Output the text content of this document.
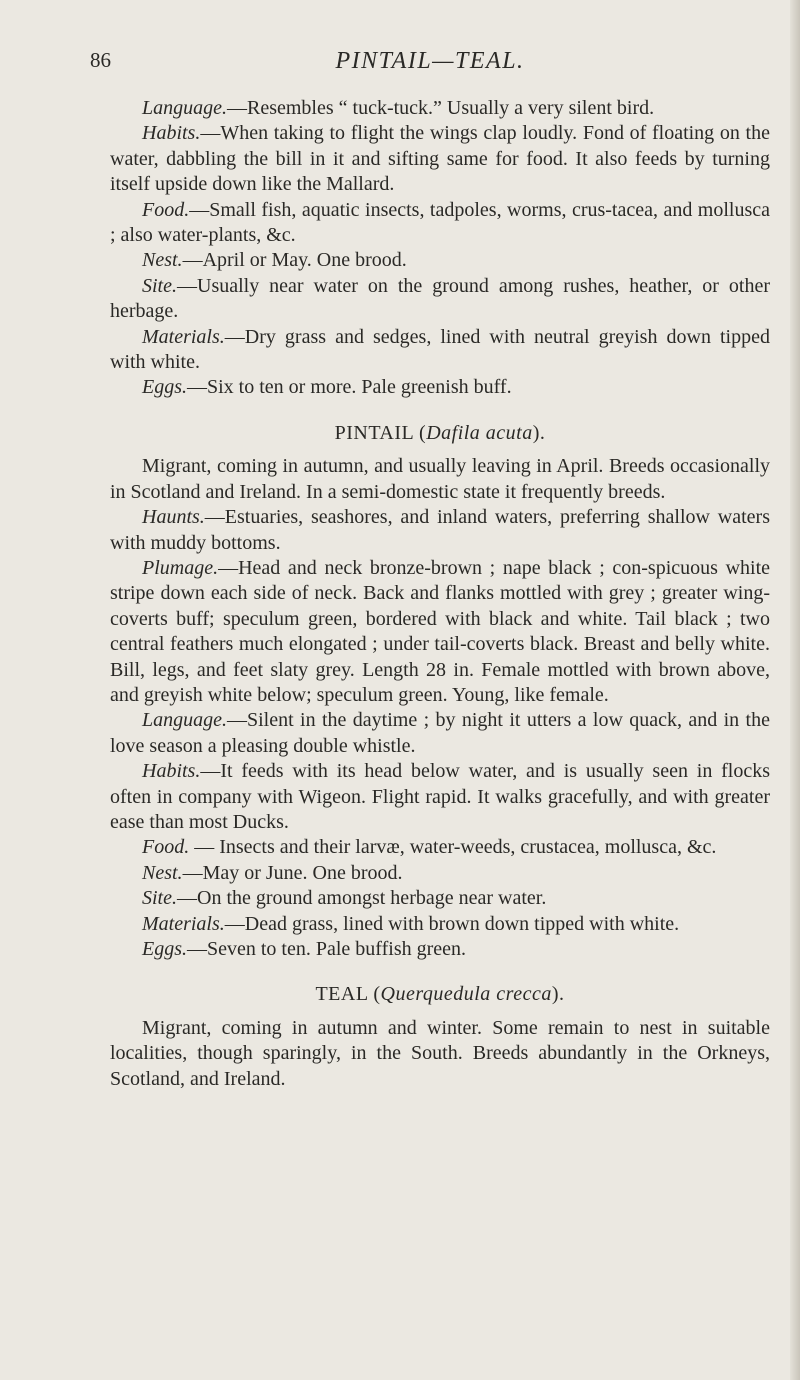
86	PINTAIL—TEAL.

Language.—Resembles “ tuck-tuck.” Usually a very silent bird.

Habits.—When taking to flight the wings clap loudly. Fond of floating on the water, dabbling the bill in it and sifting same for food. It also feeds by turning itself upside down like the Mallard.

Food.—Small fish, aquatic insects, tadpoles, worms, crus-tacea, and mollusca ; also water-plants, &c.

Nest.—April or May. One brood.

Site.—Usually near water on the ground among rushes, heather, or other herbage.

Materials.—Dry grass and sedges, lined with neutral greyish down tipped with white.

Eggs.—Six to ten or more. Pale greenish buff.

PINTAIL (Dafila acuta).

Migrant, coming in autumn, and usually leaving in April. Breeds occasionally in Scotland and Ireland. In a semi-domestic state it frequently breeds.

Haunts.—Estuaries, seashores, and inland waters, preferring shallow waters with muddy bottoms.

Plumage.—Head and neck bronze-brown ; nape black ; con-spicuous white stripe down each side of neck. Back and flanks mottled with grey ; greater wing-coverts buff; speculum green, bordered with black and white. Tail black ; two central feathers much elongated ; under tail-coverts black. Breast and belly white. Bill, legs, and feet slaty grey. Length 28 in. Female mottled with brown above, and greyish white below; speculum green. Young, like female.

Language.—Silent in the daytime ; by night it utters a low quack, and in the love season a pleasing double whistle.

Habits.—It feeds with its head below water, and is usually seen in flocks often in company with Wigeon. Flight rapid. It walks gracefully, and with greater ease than most Ducks.

Food. — Insects and their larvæ, water-weeds, crustacea, mollusca, &c.

Nest.—May or June. One brood.

Site.—On the ground amongst herbage near water.

Materials.—Dead grass, lined with brown down tipped with white.

Eggs.—Seven to ten. Pale buffish green.

TEAL (Querquedula crecca).

Migrant, coming in autumn and winter. Some remain to nest in suitable localities, though sparingly, in the South. Breeds abundantly in the Orkneys, Scotland, and Ireland.
